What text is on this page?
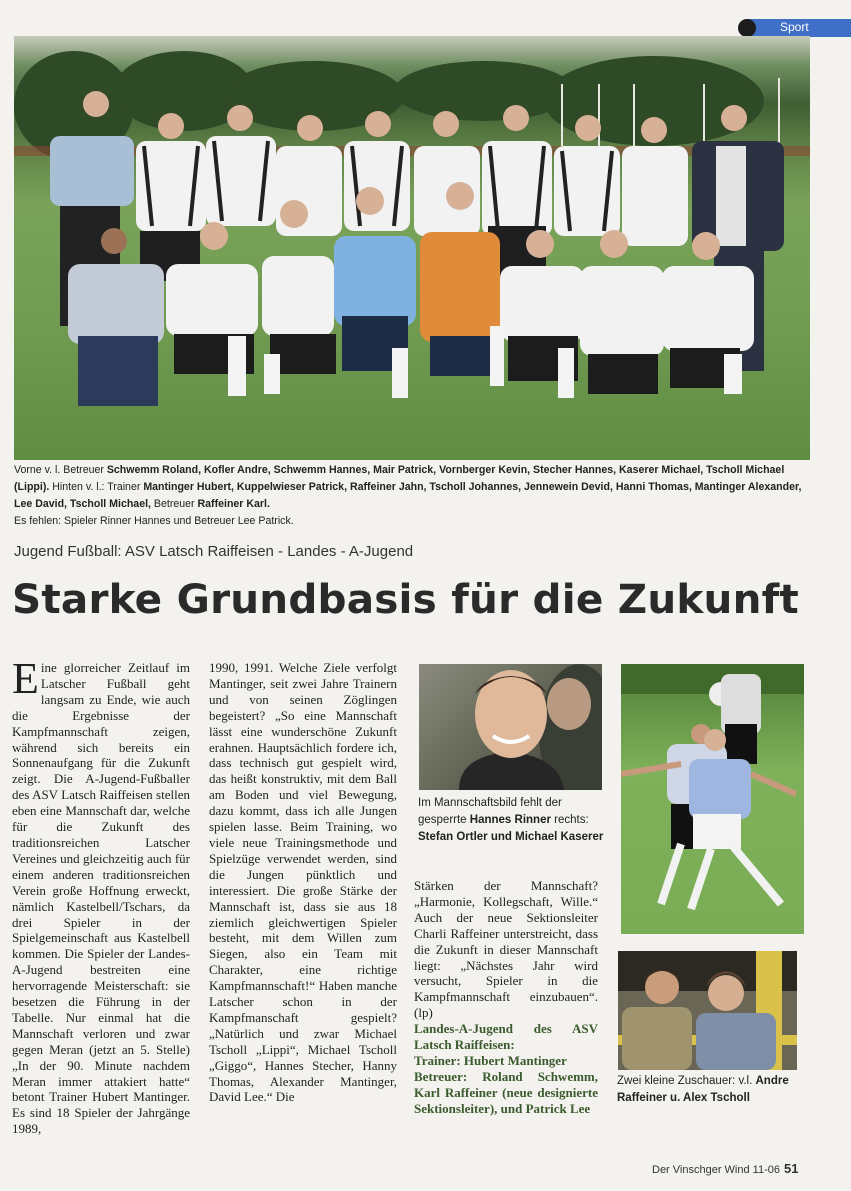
Sport
Vorne v. l. Betreuer Schwemm Roland, Kofler Andre, Schwemm Hannes, Mair Patrick, Vornberger Kevin, Stecher Hannes, Kaserer Michael, Tscholl Michael (Lippi). Hinten v. l.: Trainer Mantinger Hubert, Kuppelwieser Patrick, Raffeiner Jahn, Tscholl Johannes, Jennewein Devid, Hanni Thomas, Mantinger Alexander, Lee David, Tscholl Michael, Betreuer Raffeiner Karl.
Es fehlen: Spieler Rinner Hannes und Betreuer Lee Patrick.
Jugend Fußball: ASV Latsch Raiffeisen - Landes - A-Jugend
Starke Grundbasis für die Zukunft
Eine glorreicher Zeitlauf im Latscher Fußball geht langsam zu Ende, wie auch die Ergebnisse der Kampfmannschaft zeigen, während sich bereits ein Sonnenaufgang für die Zukunft zeigt. Die A-Jugend-Fußballer des ASV Latsch Raiffeisen stellen eben eine Mannschaft dar, welche für die Zukunft des traditionsreichen Latscher Vereines und gleichzeitig auch für einem anderen traditionsreichen Verein große Hoffnung erweckt, nämlich Kastelbell/Tschars, da drei Spieler in der Spielgemeinschaft aus Kastelbell kommen. Die Spieler der Landes-A-Jugend bestreiten eine hervorragende Meisterschaft: sie besetzen die Führung in der Tabelle. Nur einmal hat die Mannschaft verloren und zwar gegen Meran (jetzt an 5. Stelle) „In der 90. Minute nachdem Meran immer attakiert hatte“ betont Trainer Hubert Mantinger. Es sind 18 Spieler der Jahrgänge 1989,
1990, 1991. Welche Ziele verfolgt Mantinger, seit zwei Jahre Trainern und von seinen Zöglingen begeistert? „So eine Mannschaft lässt eine wunderschöne Zukunft erahnen. Hauptsächlich fordere ich, dass technisch gut gespielt wird, das heißt konstruktiv, mit dem Ball am Boden und viel Bewegung, dazu kommt, dass ich alle Jungen spielen lasse. Beim Training, wo viele neue Trainingsmethode und Spielzüge verwendet werden, sind die Jungen pünktlich und interessiert. Die große Stärke der Mannschaft ist, dass sie aus 18 ziemlich gleichwertigen Spieler besteht, mit dem Willen zum Siegen, also ein Team mit Charakter, eine richtige Kampfmannschaft!“ Haben manche Latscher schon in der Kampfmanschaft gespielt? „Natürlich und zwar Michael Tscholl „Lippi“, Michael Tscholl „Giggo“, Hannes Stecher, Hanny Thomas, Alexander Mantinger, David Lee.“ Die
Im Mannschaftsbild fehlt der gesperrte Hannes Rinner rechts: Stefan Ortler und Michael Kaserer
Stärken der Mannschaft? „Harmonie, Kollegschaft, Wille.“ Auch der neue Sektionsleiter Charli Raffeiner unterstreicht, dass die Zukunft in dieser Mannschaft liegt: „Nächstes Jahr wird versucht, Spieler in die Kampfmannschaft einzubauen“. (lp)
Landes-A-Jugend des ASV Latsch Raiffeisen:
Trainer: Hubert Mantinger
Betreuer: Roland Schwemm, Karl Raffeiner (neue designierte Sektionsleiter), und Patrick Lee
Zwei kleine Zuschauer: v.l. Andre Raffeiner u. Alex Tscholl
Der Vinschger Wind 11-06 51
